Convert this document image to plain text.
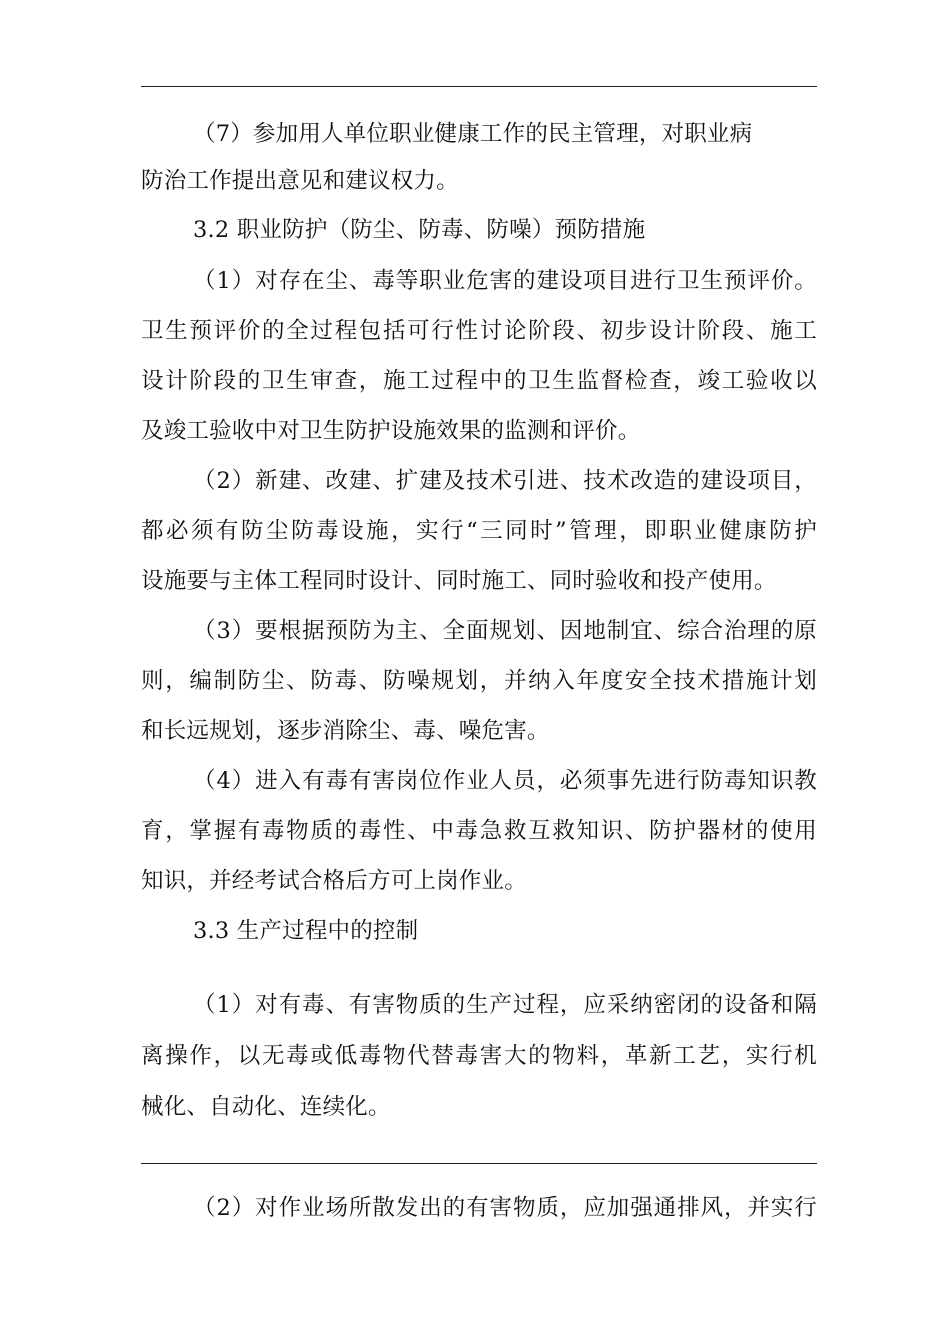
（7）参加用人单位职业健康工作的民主管理，对职业病
防治工作提出意见和建议权力。
3.2 职业防护（防尘、防毒、防噪）预防措施
（1）对存在尘、毒等职业危害的建设项目进行卫生预评价。
卫生预评价的全过程包括可行性讨论阶段、初步设计阶段、施工
设计阶段的卫生审查，施工过程中的卫生监督检查，竣工验收以
及竣工验收中对卫生防护设施效果的监测和评价。
（2）新建、改建、扩建及技术引进、技术改造的建设项目，
都必须有防尘防毒设施，实行“三同时”管理，即职业健康防护
设施要与主体工程同时设计、同时施工、同时验收和投产使用。
（3）要根据预防为主、全面规划、因地制宜、综合治理的原
则，编制防尘、防毒、防噪规划，并纳入年度安全技术措施计划
和长远规划，逐步消除尘、毒、噪危害。
（4）进入有毒有害岗位作业人员，必须事先进行防毒知识教
育，掌握有毒物质的毒性、中毒急救互救知识、防护器材的使用
知识，并经考试合格后方可上岗作业。
3.3 生产过程中的控制
（1）对有毒、有害物质的生产过程，应采纳密闭的设备和隔
离操作，以无毒或低毒物代替毒害大的物料，革新工艺，实行机
械化、自动化、连续化。
（2）对作业场所散发出的有害物质，应加强通排风，并实行
